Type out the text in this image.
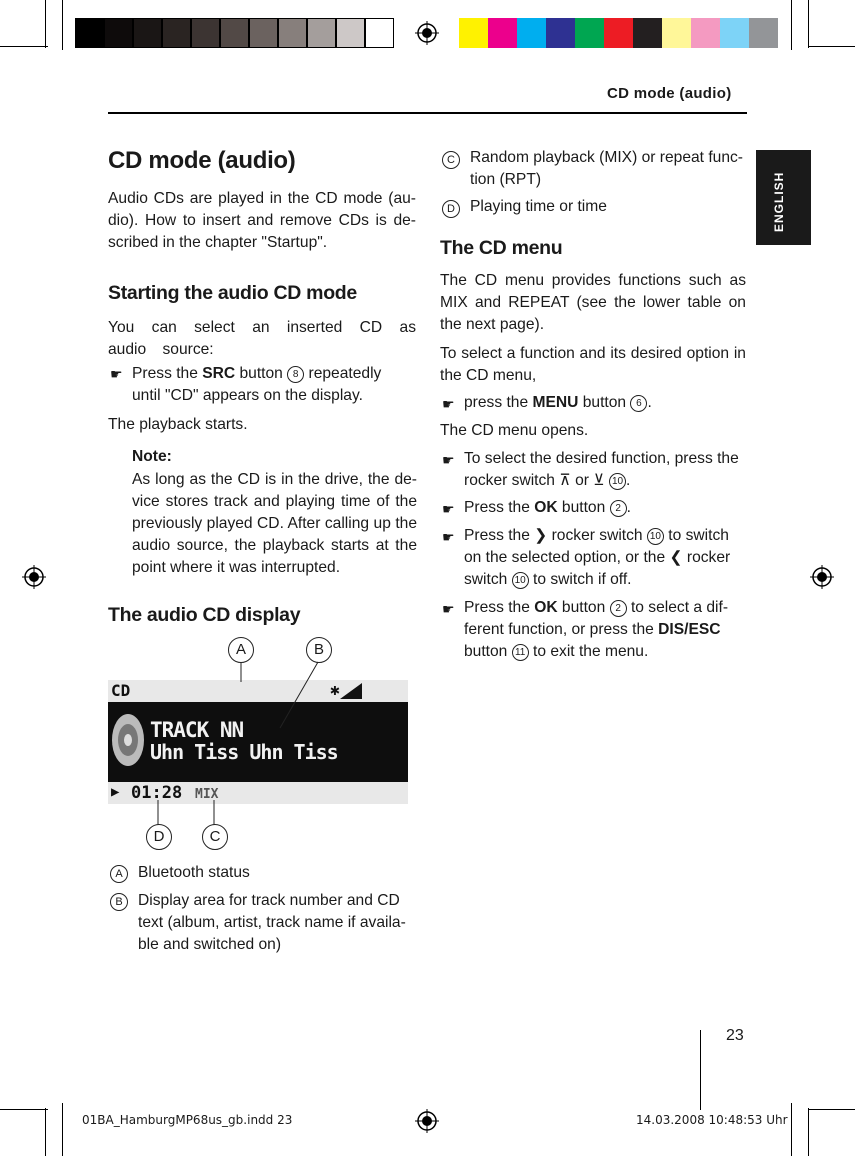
CD mode (audio)
ENGLISH
CD mode (audio)
Audio CDs are played in the CD mode (au-dio). How to insert and remove CDs is de-scribed in the chapter "Startup".
Starting the audio CD mode
You can select an inserted CD as audio source:
☛ Press the SRC button 8 repeatedly
until "CD" appears on the display.
The playback starts.
Note:
As long as the CD is in the drive, the de-vice stores track and playing time of the previously played CD. After calling up the audio source, the playback starts at the point where it was interrupted.
The audio CD display
A	B
CD	✱
TRACK NN
Uhn Tiss Uhn Tiss
▶ 01:28 MIX
D	C
A Bluetooth status
B Display area for track number and CD text (album, artist, track name if availa-ble and switched on)
C Random playback (MIX) or repeat func-tion (RPT)
D Playing time or time
The CD menu
The CD menu provides functions such as MIX and REPEAT (see the lower table on the next page).
To select a function and its desired option in the CD menu,
☛ press the MENU button 6 .
The CD menu opens.
☛ To select the desired function, press the
rocker switch ⊼ or ⊻ 10 .
☛ Press the OK button 2 .
☛ Press the ❯ rocker switch 10 to switch
on the selected option, or the ❮ rocker
switch 10 to switch if off.
☛ Press the OK button 2 to select a dif-
ferent function, or press the DIS/ESC
button 11 to exit the menu.
23
01BA_HamburgMP68us_gb.indd 23	14.03.2008 10:48:53 Uhr
